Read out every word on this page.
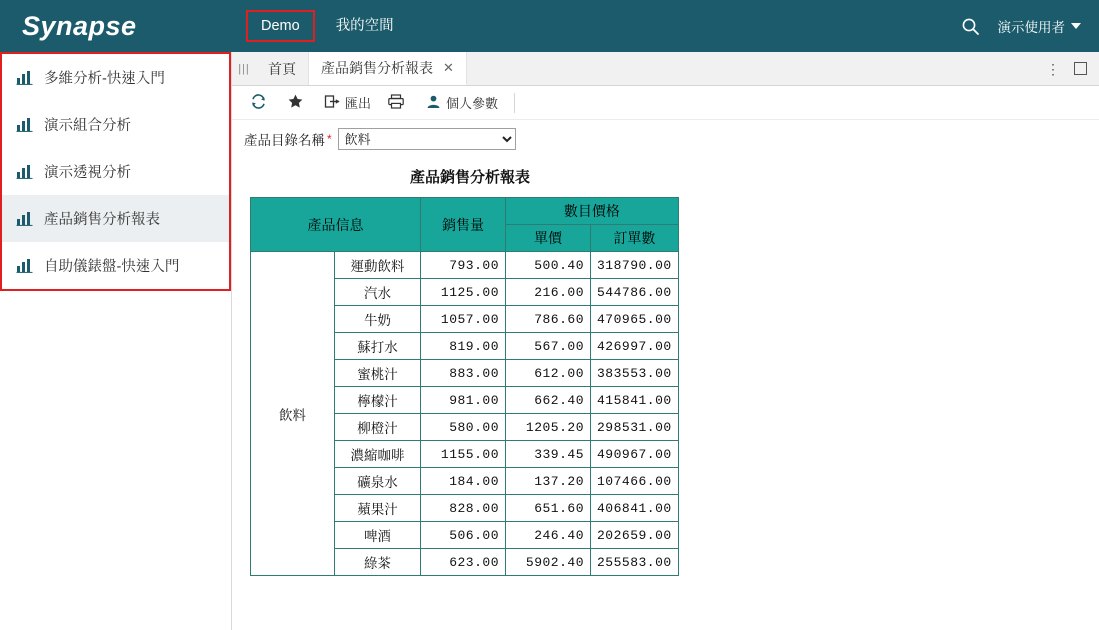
Synapse	Demo	我的空間	演示使用者
多維分析-快速入門
演示組合分析
演示透視分析
產品銷售分析報表
自助儀錶盤-快速入門
|||	首頁 產品銷售分析報表 ✕	⋮
匯出	個人參數
產品目錄名稱 *
飲料
產品銷售分析報表
產品信息		銷售量	數目價格	
			單價	訂單數
飲料	運動飲料	793.00	500.40	318790.00
	汽水	1125.00	216.00	544786.00
	牛奶	1057.00	786.60	470965.00
	蘇打水	819.00	567.00	426997.00
	蜜桃汁	883.00	612.00	383553.00
	檸檬汁	981.00	662.40	415841.00
	柳橙汁	580.00	1205.20	298531.00
	濃縮咖啡	1155.00	339.45	490967.00
	礦泉水	184.00	137.20	107466.00
	蘋果汁	828.00	651.60	406841.00
	啤酒	506.00	246.40	202659.00
	綠茶	623.00	5902.40	255583.00
